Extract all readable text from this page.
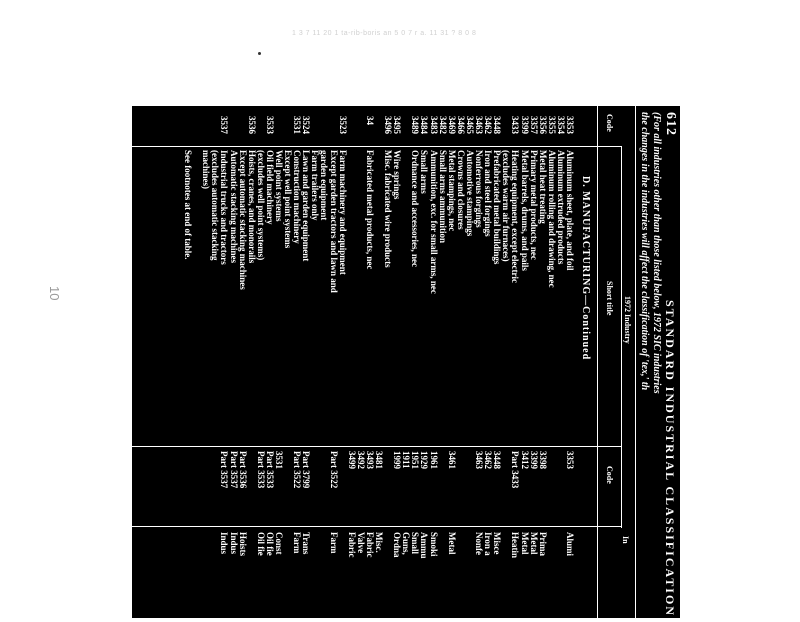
1 3 7 11 20 1 ta-rib-boris an 5 0 7 r a. 11 31 ? 8 0 8
10
612
STANDARD INDUSTRIAL CLASSIFICATION
(For all industries other than those listed below, 1972 SIC industries
the changes in the industries will affect the classification of 'tex,' th
1972 Industry
Code
Short title
Code
In
D. MANUFACTURING—Continued
3353
Aluminum sheet, plate, and foil
3353
Alumi
3354
Aluminum extruded products
3355
Aluminum rolling and drawing, nec
3356
Metal heat treating
3398
Prima
3357
Primary metal products, nec
3399
Metal
3399
Metal barrels, drums, and pails
3412
Metal
3433
Heating equipment, except electric
Part 3433
Heatin
(excludes warm air furnaces)
3448
Prefabricated metal buildings
3448
Misce
3462
Iron and steel forgings
3462
Iron a
3463
Nonferrous forgings
3463
Nonfe
3465
Automotive stampings
3466
Crowns and closures
3469
Metal stampings, nec
3461
Metal
3482
Small arms ammunition
3483
Ammunition, exc. for small arms, nec
1961
Smoki
3484
Small arms
1929
Ammu
3489
Ordnance and accessories, nec
1951
Small
1911
Guns,
3495
Wire springs
1999
Ordna
3496
Misc. fabricated wire products
3481
Misc.
34
Fabricated metal products, nec
3493
Fabric
3492
Valve
3499
Fabric
3523
Farm machinery and equipment
Except garden tractors and lawn and
Part 3522
Farm
garden equipment
Farm trailers only
3524
Lawn and garden equipment
Part 3799
Trans
3531
Construction machinery
Part 3522
Farm
Except well point systems
Well point systems
3531
Const
3533
Oil field machinery
Part 3533
Oil fie
(excludes well point systems)
Part 3533
Oil fie
3536
Hoists, cranes, and monorails
Except automatic stacking machines
Part 3536
Hoists
Automatic stacking machines
Part 3537
Indus
3537
Industrial trucks and tractors
Part 3537
Indus
(excludes automatic stacking
machines)
See footnotes at end of table.
